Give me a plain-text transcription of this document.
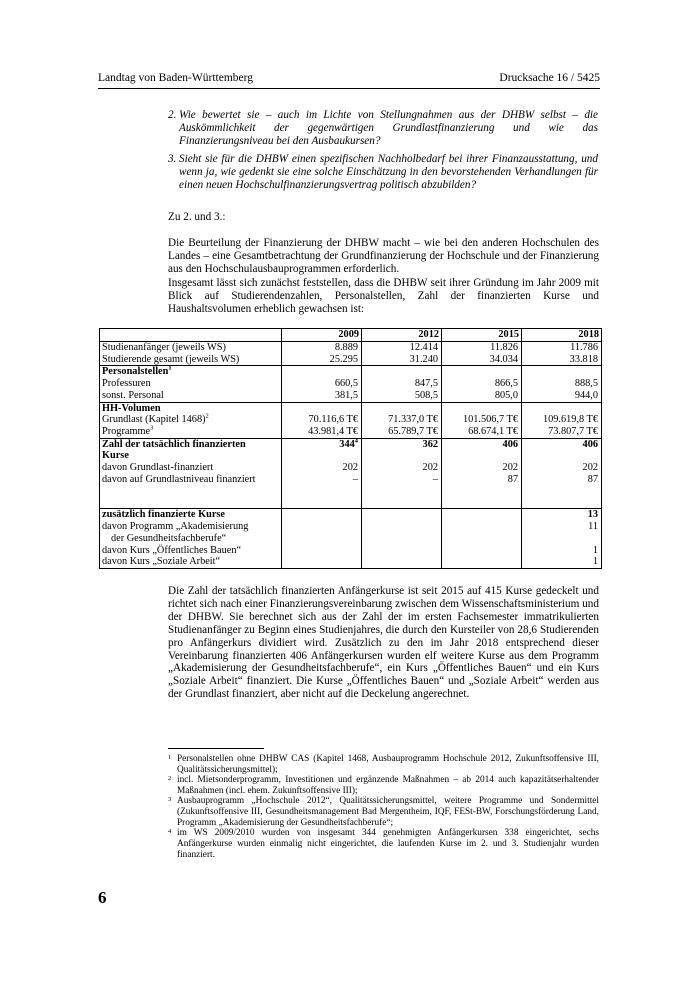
Landtag von Baden-Württemberg	Drucksache 16 / 5425
2. Wie bewertet sie – auch im Lichte von Stellungnahmen aus der DHBW selbst – die Auskömmlichkeit der gegenwärtigen Grundlastfinanzierung und wie das Finanzierungsniveau bei den Ausbaukursen?
3. Sieht sie für die DHBW einen spezifischen Nachholbedarf bei ihrer Finanzausstattung, und wenn ja, wie gedenkt sie eine solche Einschätzung in den bevorstehenden Verhandlungen für einen neuen Hochschulfinanzierungsvertrag politisch abzubilden?
Zu 2. und 3.:
Die Beurteilung der Finanzierung der DHBW macht – wie bei den anderen Hochschulen des Landes – eine Gesamtbetrachtung der Grundfinanzierung der Hochschule und der Finanzierung aus den Hochschulausbauprogrammen erforderlich.
Insgesamt lässt sich zunächst feststellen, dass die DHBW seit ihrer Gründung im Jahr 2009 mit Blick auf Studierendenzahlen, Personalstellen, Zahl der finanzierten Kurse und Haushaltsvolumen erheblich gewachsen ist:
	2009	2012	2015	2018
Studienanfänger (jeweils WS)	8.889	12.414	11.826	11.786
Studierende gesamt (jeweils WS)	25.295	31.240	34.034	33.818
Personalstellen$^1$				
Professuren	660,5	847,5	866,5	888,5
sonst. Personal	381,5	508,5	805,0	944,0
HH-Volumen				
Grundlast (Kapitel 1468)$^2$	70.116,6 T€	71.337,0 T€	101.506,7 T€	109.619,8 T€
Programme$^3$	43.981,4 T€	65.789,7 T€	68.674,1 T€	73.807,7 T€
Zahl der tatsächlich finanzierten	$344^4$	362	406	406
Kurse				
davon Grundlast-finanziert	202	202	202	202
davon auf Grundlastniveau finanziert	–	–	87	87

zusätzlich finanzierte Kurse				13
davon Programm „Akademisierung				11
der Gesundheitsfachberufe“				
davon Kurs „Öffentliches Bauen“				1
davon Kurs „Soziale Arbeit“				1
Die Zahl der tatsächlich finanzierten Anfängerkurse ist seit 2015 auf 415 Kurse gedeckelt und richtet sich nach einer Finanzierungsvereinbarung zwischen dem Wissenschaftsministerium und der DHBW. Sie berechnet sich aus der Zahl der im ersten Fachsemester immatrikulierten Studienanfänger zu Beginn eines Studienjahres, die durch den Kursteiler von 28,6 Studierenden pro Anfängerkurs dividiert wird. Zusätzlich zu den im Jahr 2018 entsprechend dieser Vereinbarung finanzierten 406 Anfängerkursen wurden elf weitere Kurse aus dem Programm „Akademisierung der Gesundheitsfachberufe“, ein Kurs „Öffentliches Bauen“ und ein Kurs „Soziale Arbeit“ finanziert. Die Kurse „Öffentliches Bauen“ und „Soziale Arbeit“ werden aus der Grundlast finanziert, aber nicht auf die Deckelung angerechnet.
1 Personalstellen ohne DHBW CAS (Kapitel 1468, Ausbauprogramm Hochschule 2012, Zukunftsoffensive III, Qualitätssicherungsmittel);
2 incl. Mietsonderprogramm, Investitionen und ergänzende Maßnahmen – ab 2014 auch kapazitätserhaltender Maßnahmen (incl. ehem. Zukunftsoffensive III);
3 Ausbauprogramm „Hochschule 2012“, Qualitätssicherungsmittel, weitere Programme und Sondermittel (Zukunftsoffensive III, Gesundheitsmanagement Bad Mergentheim, IQF, FESt-BW, Forschungsförderung Land, Programm „Akademisierung der Gesundheitsfachberufe“;
4 im WS 2009/2010 wurden von insgesamt 344 genehmigten Anfängerkursen 338 eingerichtet, sechs Anfängerkurse wurden einmalig nicht eingerichtet, die laufenden Kurse im 2. und 3. Studienjahr wurden finanziert.
6
